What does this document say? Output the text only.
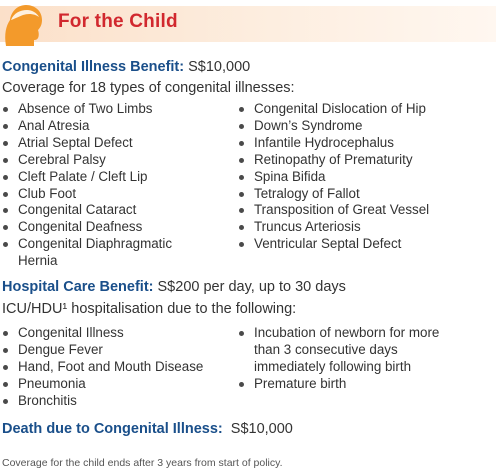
For the Child
Congenital Illness Benefit: S$10,000
Coverage for 18 types of congenital illnesses:
Absence of Two Limbs
Anal Atresia
Atrial Septal Defect
Cerebral Palsy
Cleft Palate / Cleft Lip
Club Foot
Congenital Cataract
Congenital Deafness
Congenital Diaphragmatic Hernia
Congenital Dislocation of Hip
Down’s Syndrome
Infantile Hydrocephalus
Retinopathy of Prematurity
Spina Bifida
Tetralogy of Fallot
Transposition of Great Vessel
Truncus Arteriosis
Ventricular Septal Defect
Hospital Care Benefit: S$200 per day, up to 30 days
ICU/HDU¹ hospitalisation due to the following:
Congenital Illness
Dengue Fever
Hand, Foot and Mouth Disease
Pneumonia
Bronchitis
Incubation of newborn for more than 3 consecutive days immediately following birth
Premature birth
Death due to Congenital Illness: S$10,000
Coverage for the child ends after 3 years from start of policy.
